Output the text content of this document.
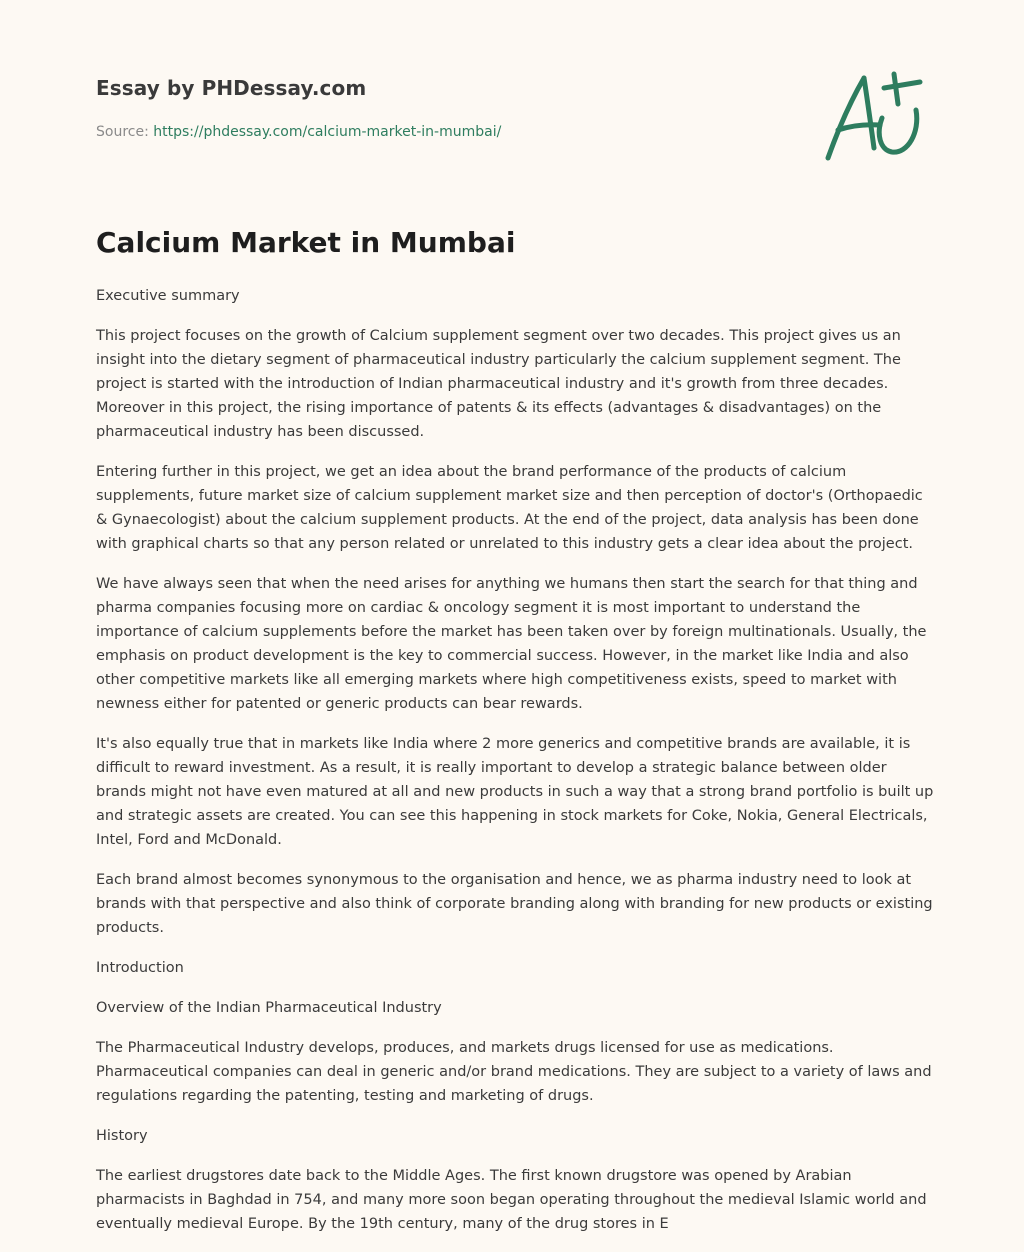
Essay by PHDessay.com
Source: https://phdessay.com/calcium-market-in-mumbai/
Calcium Market in Mumbai

Executive summary

This project focuses on the growth of Calcium supplement segment over two decades. This project gives us an insight into the dietary segment of pharmaceutical industry particularly the calcium supplement segment. The project is started with the introduction of Indian pharmaceutical industry and it's growth from three decades. Moreover in this project, the rising importance of patents & its effects (advantages & disadvantages) on the pharmaceutical industry has been discussed.

Entering further in this project, we get an idea about the brand performance of the products of calcium supplements, future market size of calcium supplement market size and then perception of doctor's (Orthopaedic & Gynaecologist) about the calcium supplement products. At the end of the project, data analysis has been done with graphical charts so that any person related or unrelated to this industry gets a clear idea about the project.

We have always seen that when the need arises for anything we humans then start the search for that thing and pharma companies focusing more on cardiac & oncology segment it is most important to understand the importance of calcium supplements before the market has been taken over by foreign multinationals. Usually, the emphasis on product development is the key to commercial success. However, in the market like India and also other competitive markets like all emerging markets where high competitiveness exists, speed to market with newness either for patented or generic products can bear rewards.

It's also equally true that in markets like India where 2 more generics and competitive brands are available, it is difficult to reward investment. As a result, it is really important to develop a strategic balance between older brands might not have even matured at all and new products in such a way that a strong brand portfolio is built up and strategic assets are created. You can see this happening in stock markets for Coke, Nokia, General Electricals, Intel, Ford and McDonald.

Each brand almost becomes synonymous to the organisation and hence, we as pharma industry need to look at brands with that perspective and also think of corporate branding along with branding for new products or existing products.

Introduction

Overview of the Indian Pharmaceutical Industry

The Pharmaceutical Industry develops, produces, and markets drugs licensed for use as medications. Pharmaceutical companies can deal in generic and/or brand medications. They are subject to a variety of laws and regulations regarding the patenting, testing and marketing of drugs.

History

The earliest drugstores date back to the Middle Ages. The first known drugstore was opened by Arabian pharmacists in Baghdad in 754, and many more soon began operating throughout the medieval Islamic world and eventually medieval Europe. By the 19th century, many of the drug stores in E
